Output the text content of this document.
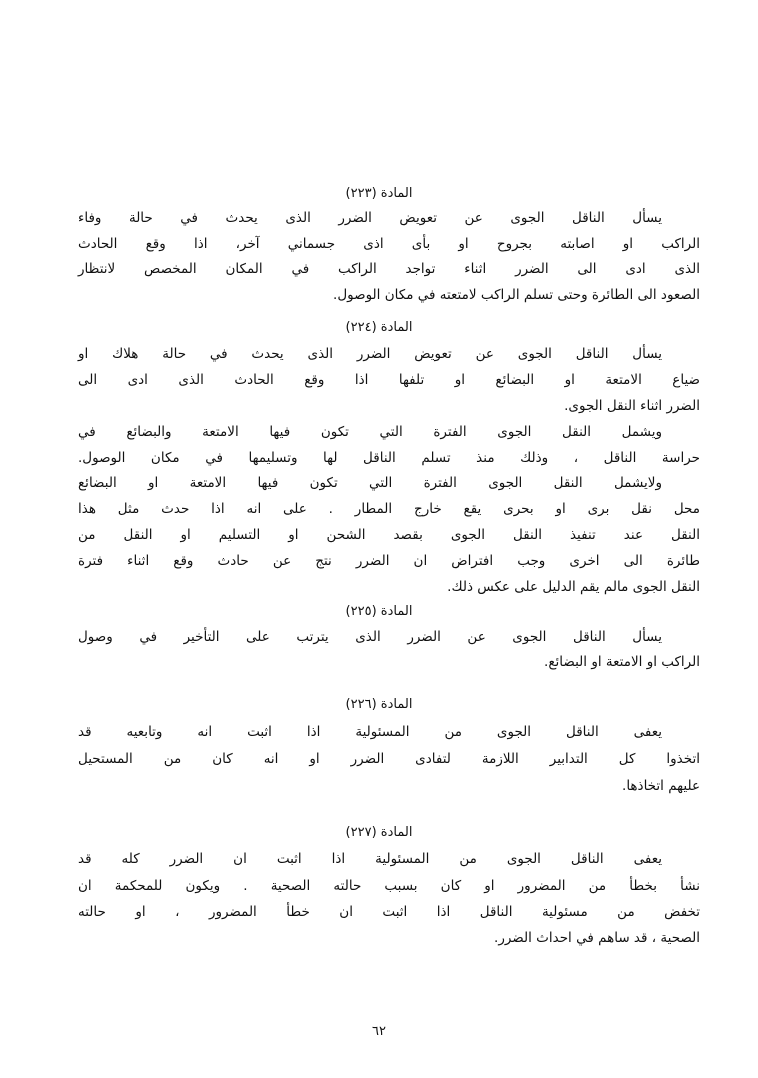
المادة (٢٢٣)
يسأل الناقل الجوى عن تعويض الضرر الذى يحدث في حالة وفاء
الراكب او اصابته بجروح او بأى اذى جسماني آخر، اذا وقع الحادث
الذى ادى الى الضرر اثناء تواجد الراكب في المكان المخصص لانتظار
الصعود الى الطائرة وحتى تسلم الراكب لامتعته في مكان الوصول.
المادة (٢٢٤)
يسأل الناقل الجوى عن تعويض الضرر الذى يحدث في حالة هلاك او
ضياع الامتعة او البضائع او تلفها اذا وقع الحادث الذى ادى الى
الضرر اثناء النقل الجوى.
ويشمل النقل الجوى الفترة التي تكون فيها الامتعة والبضائع في
حراسة الناقل ، وذلك منذ تسلم الناقل لها وتسليمها في مكان الوصول.
ولايشمل النقل الجوى الفترة التي تكون فيها الامتعة او البضائع
محل نقل برى او بحرى يقع خارج المطار . على انه اذا حدث مثل هذا
النقل عند تنفيذ النقل الجوى بقصد الشحن او التسليم او النقل من
طائرة الى اخرى وجب افتراض ان الضرر نتج عن حادث وقع اثناء فترة
النقل الجوى مالم يقم الدليل على عكس ذلك.
المادة (٢٢٥)
يسأل الناقل الجوى عن الضرر الذى يترتب على التأخير في وصول
الراكب او الامتعة او البضائع.
المادة (٢٢٦)
يعفى الناقل الجوى من المسئولية اذا اثبت انه وتابعيه قد
اتخذوا كل التدابير اللازمة لتفادى الضرر او انه كان من المستحيل
عليهم اتخاذها.
المادة (٢٢٧)
يعفى الناقل الجوى من المسئولية اذا اثبت ان الضرر كله قد
نشأ بخطأ من المضرور او كان بسبب حالته الصحية . ويكون للمحكمة ان
تخفض من مسئولية الناقل اذا اثبت ان خطأ المضرور ، او حالته
الصحية ، قد ساهم في احداث الضرر.
٦٢
